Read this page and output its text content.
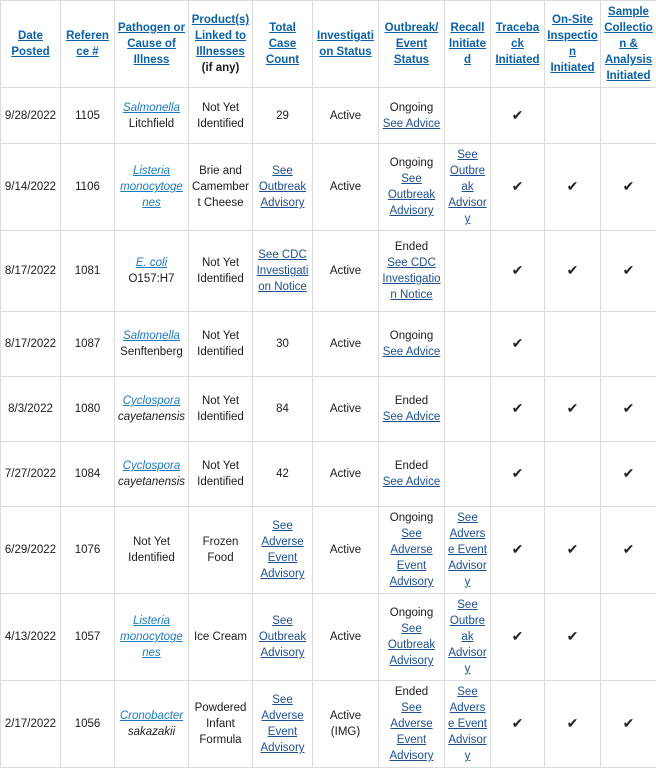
Date Posted	Reference #	Pathogen or Cause of Illness	Product(s) Linked to Illnesses
(if any)	Total Case Count	Investigation Status	Outbreak/ Event Status	Recall Initiated	Traceback Initiated	On-Site Inspection Initiated	Sample Collection & Analysis Initiated

9/28/2022	1105	Salmonella
Litchfield	Not Yet Identified	29	Active	Ongoing
See Advice		✔		
9/14/2022	1106	Listeria monocytogenes	Brie and Camembert Cheese	See Outbreak Advisory	Active	Ongoing
See Outbreak Advisory	See Outbreak Advisory	✔	✔	✔
8/17/2022	1081	E. coli
O157:H7	Not Yet Identified	See CDC Investigation Notice	Active	Ended
See CDC Investigation Notice		✔	✔	✔
8/17/2022	1087	Salmonella
Senftenberg	Not Yet Identified	30	Active	Ongoing
See Advice		✔		
8/3/2022	1080	Cyclospora
cayetanensis	Not Yet Identified	84	Active	Ended
See Advice		✔	✔	✔
7/27/2022	1084	Cyclospora
cayetanensis	Not Yet Identified	42	Active	Ended
See Advice		✔		✔
6/29/2022	1076	Not Yet Identified	Frozen Food	See Adverse Event Advisory	Active	Ongoing
See Adverse Event Advisory	See Adverse Event Advisory	✔	✔	✔
4/13/2022	1057	Listeria monocytogenes	Ice Cream	See Outbreak Advisory	Active	Ongoing
See Outbreak Advisory	See Outbreak Advisory	✔	✔	
2/17/2022	1056	Cronobacter
sakazakii	Powdered Infant Formula	See Adverse Event Advisory	Active (IMG)	Ended
See Adverse Event Advisory	See Adverse Event Advisory	✔	✔	✔
